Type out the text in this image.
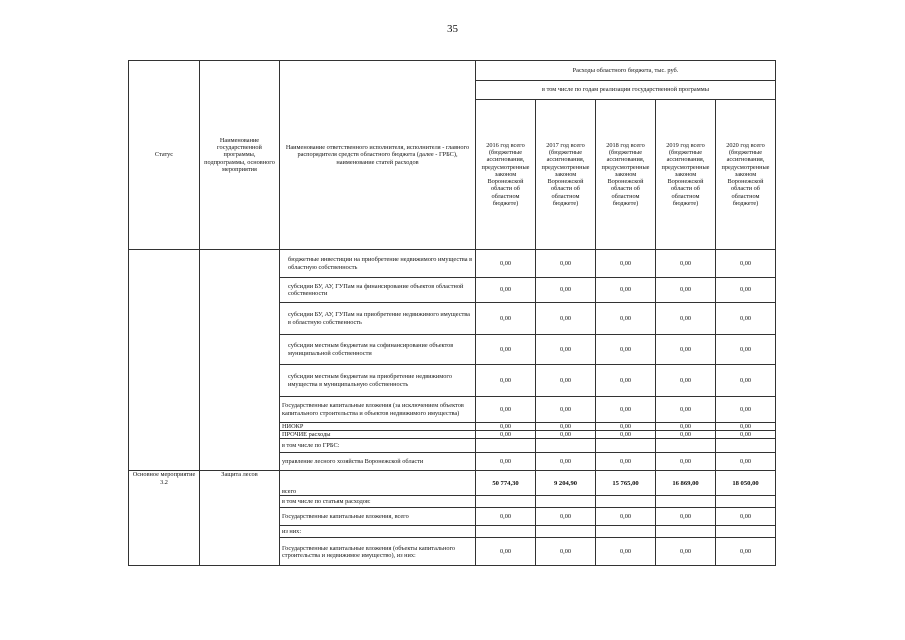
35
Статус	Наименование государственной программы, подпрограммы, основного мероприятия	Наименование ответственного исполнителя, исполнителя - главного распорядителя средств областного бюджета (далее - ГРБС), наименование статей расходов	Расходы областного бюджета, тыс. руб.				
			в том числе по годам реализации государственной программы				
			2016 год всего (бюджетные ассигнования, предусмотренные законом Воронежской области об областном бюджете)	2017 год всего (бюджетные ассигнования, предусмотренные законом Воронежской области об областном бюджете)	2018 год всего (бюджетные ассигнования, предусмотренные законом Воронежской области об областном бюджете)	2019 год всего (бюджетные ассигнования, предусмотренные законом Воронежской области об областном бюджете)	2020 год всего (бюджетные ассигнования, предусмотренные законом Воронежской области об областном бюджете)
		бюджетные инвестиции на приобретение недвижимого имущества в областную собственность	0,00	0,00	0,00	0,00	0,00
		субсидии БУ, АУ, ГУПам на финансирование объектов областной собственности	0,00	0,00	0,00	0,00	0,00
		субсидии БУ, АУ, ГУПам на приобретение недвижимого имущества в областную собственность	0,00	0,00	0,00	0,00	0,00
		субсидии местным бюджетам на софинансирование объектов муниципальной собственности	0,00	0,00	0,00	0,00	0,00
		субсидии местным бюджетам на приобретение недвижимого имущества в муниципальную собственность	0,00	0,00	0,00	0,00	0,00
		Государственные капитальные вложения (за исключением объектов капитального строительства и объектов недвижимого имущества)	0,00	0,00	0,00	0,00	0,00
		НИОКР	0,00	0,00	0,00	0,00	0,00
		ПРОЧИЕ расходы	0,00	0,00	0,00	0,00	0,00
		в том числе по ГРБС:					
		управление лесного хозяйства Воронежской области	0,00	0,00	0,00	0,00	0,00
Основное мероприятие 3.2	Защита лесов	всего	50 774,30	9 204,90	15 765,00	16 869,00	18 050,00
		в том числе по статьям расходов:					
		Государственные капитальные вложения, всего	0,00	0,00	0,00	0,00	0,00
		из них:					
		Государственные капитальные вложения (объекты капитального строительства и недвижимое имущество), из них:	0,00	0,00	0,00	0,00	0,00
